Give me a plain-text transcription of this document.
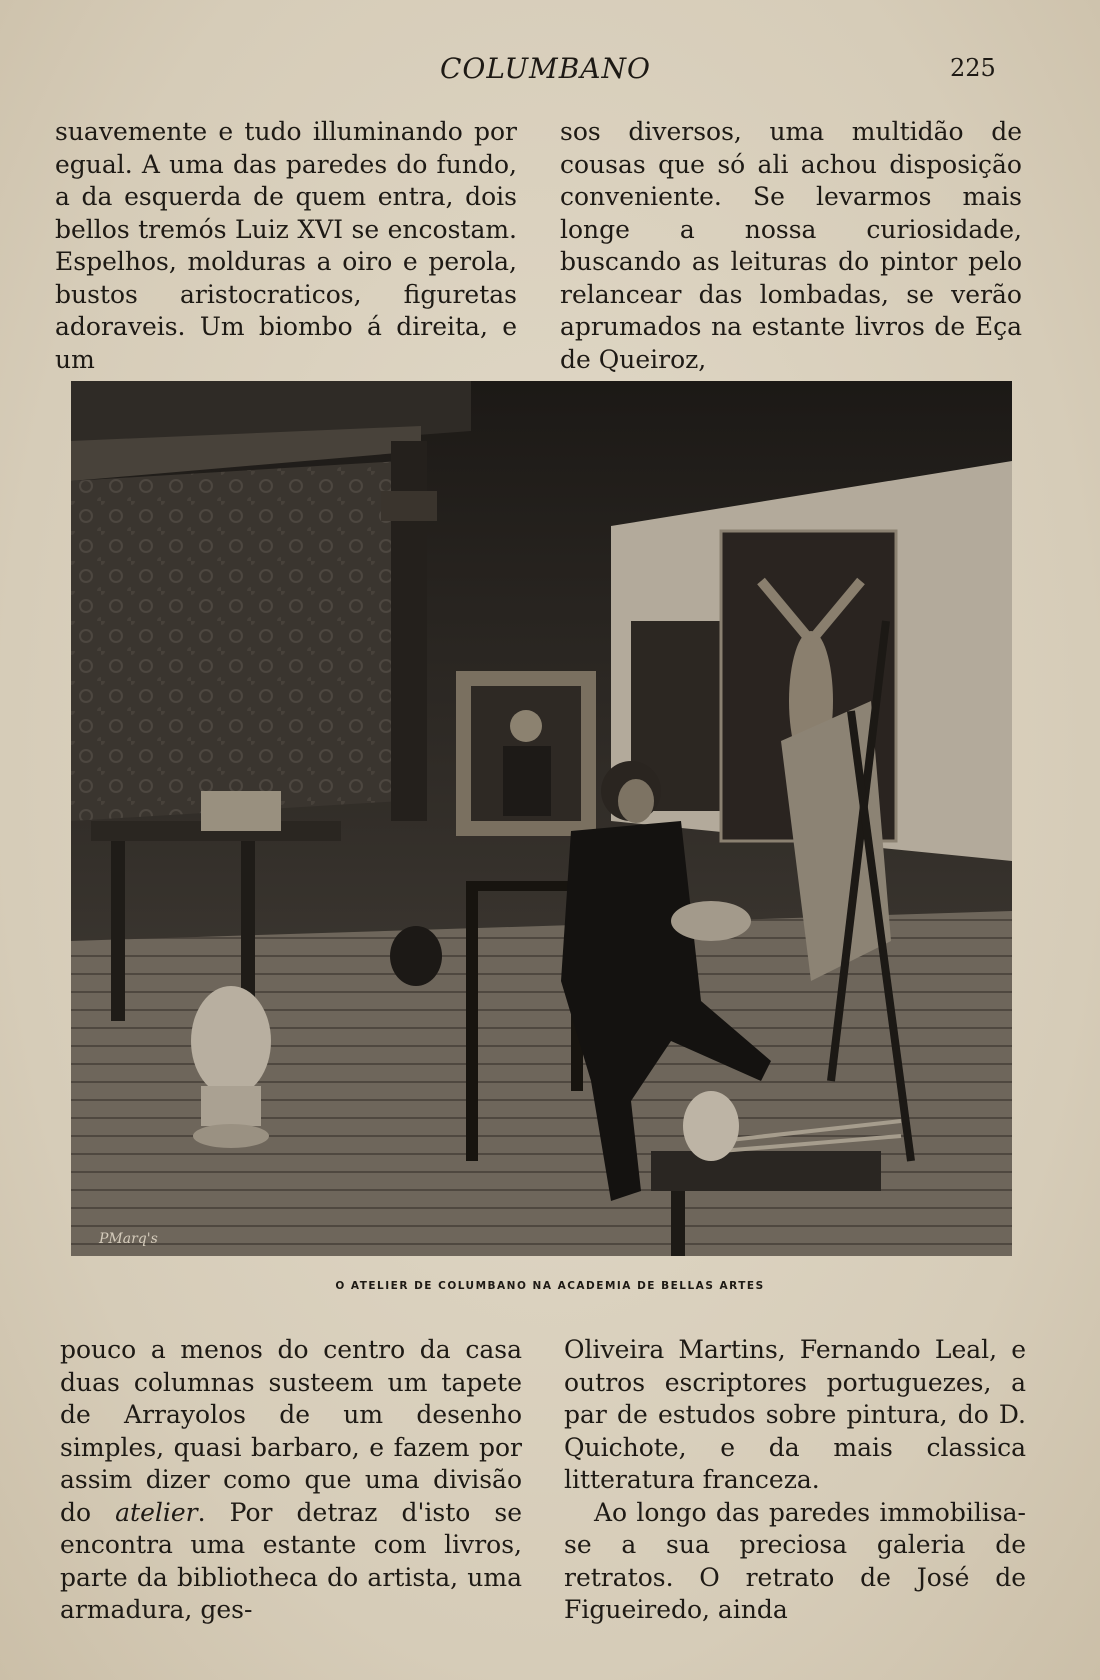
COLUMBANO	225

suavemente e tudo illuminando por egual. A uma das paredes do fundo, a da esquerda de quem entra, dois bellos tremós Luiz XVI se encostam. Espelhos, molduras a oiro e perola, bustos aristocraticos, figuretas adoraveis. Um biombo á direita, e um

sos diversos, uma multidão de cousas que só ali achou disposição conveniente. Se levarmos mais longe a nossa curiosidade, buscando as leituras do pintor pelo relancear das lombadas, se verão aprumados na estante livros de Eça de Queiroz,

PMarq's
O ATELIER DE COLUMBANO NA ACADEMIA DE BELLAS ARTES

pouco a menos do centro da casa duas columnas susteem um tapete de Arrayolos de um desenho simples, quasi barbaro, e fazem por assim dizer como que uma divisão do atelier. Por detraz d'isto se encontra uma estante com livros, parte da bibliotheca do artista, uma armadura, ges-

Oliveira Martins, Fernando Leal, e outros escriptores portuguezes, a par de estudos sobre pintura, do D. Quichote, e da mais classica litteratura franceza.

Ao longo das paredes immobilisa-se a sua preciosa galeria de retratos. O retrato de José de Figueiredo, ainda
